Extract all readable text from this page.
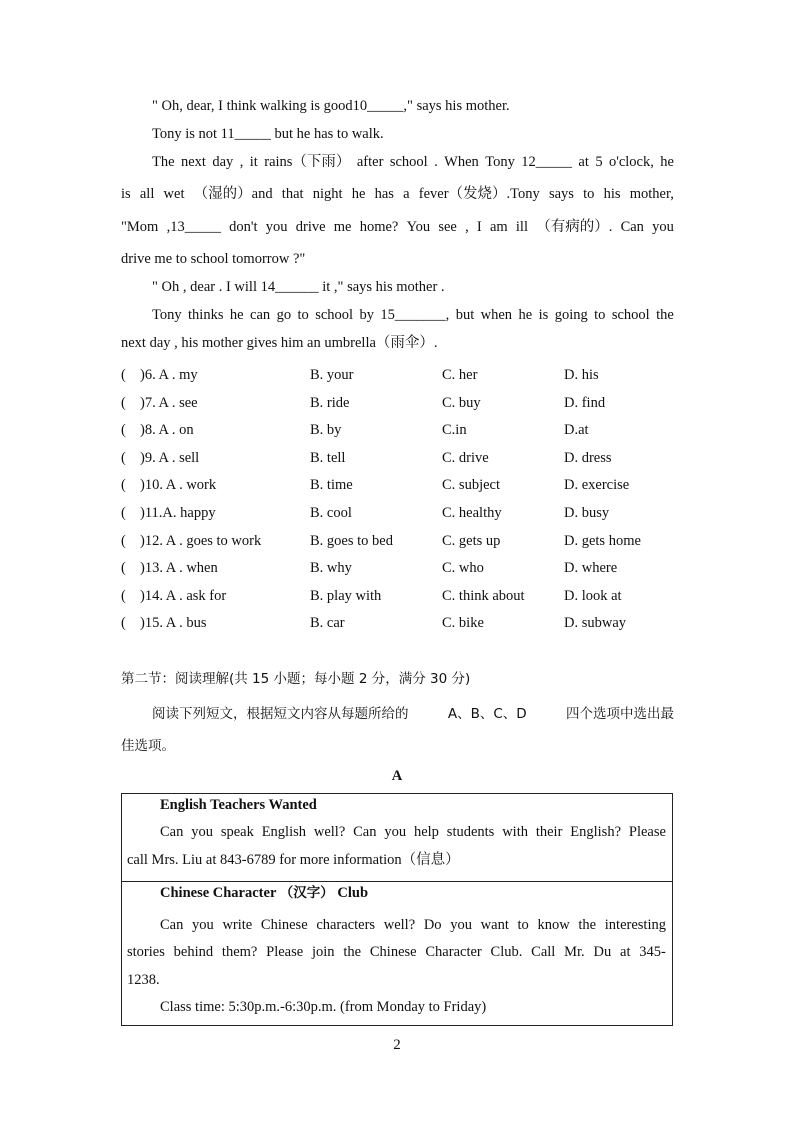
" Oh, dear, I think walking is good10_____," says his mother.
Tony is not 11_____ but he has to walk.
The next day , it rains（下雨） after school . When Tony 12_____ at 5 o'clock, he
is all wet （湿的）and that night he has a fever（发烧）.Tony says to his mother,
"Mom ,13_____ don't you drive me home? You see , I am ill （有病的）. Can you
drive me to school tomorrow ?"
" Oh , dear . I will 14______ it ," says his mother .
Tony thinks he can go to school by 15_______, but when he is going to school the
next day , his mother gives him an umbrella（雨伞）.
( )6. A . my	B. your	C. her	D. his
( )7. A . see	B. ride	C. buy	D. find
( )8. A . on	B. by	C.in	D.at
( )9. A . sell	B. tell	C. drive	D. dress
( )10. A . work	B. time	C. subject	D. exercise
( )11.A. happy	B. cool	C. healthy	D. busy
( )12. A . goes to work	B. goes to bed	C. gets up	D. gets home
( )13. A . when	B. why	C. who	D. where
( )14. A . ask for	B. play with	C. think about	D. look at
( )15. A . bus	B. car	C. bike	D. subway
第二节：阅读理解(共 15 小题；每小题 2 分，满分 30 分)
阅读下列短文，根据短文内容从每题所给的	A、B、C、D	四个选项中选出最
佳选项。
A
English Teachers Wanted
Can you speak English well? Can you help students with their English? Please
call Mrs. Liu at 843-6789 for more information（信息）
Chinese Character （汉字） Club
Can you write Chinese characters well? Do you want to know the interesting
stories behind them? Please join the Chinese Character Club. Call Mr. Du at 345-
1238.
Class time: 5:30p.m.-6:30p.m. (from Monday to Friday)
2
